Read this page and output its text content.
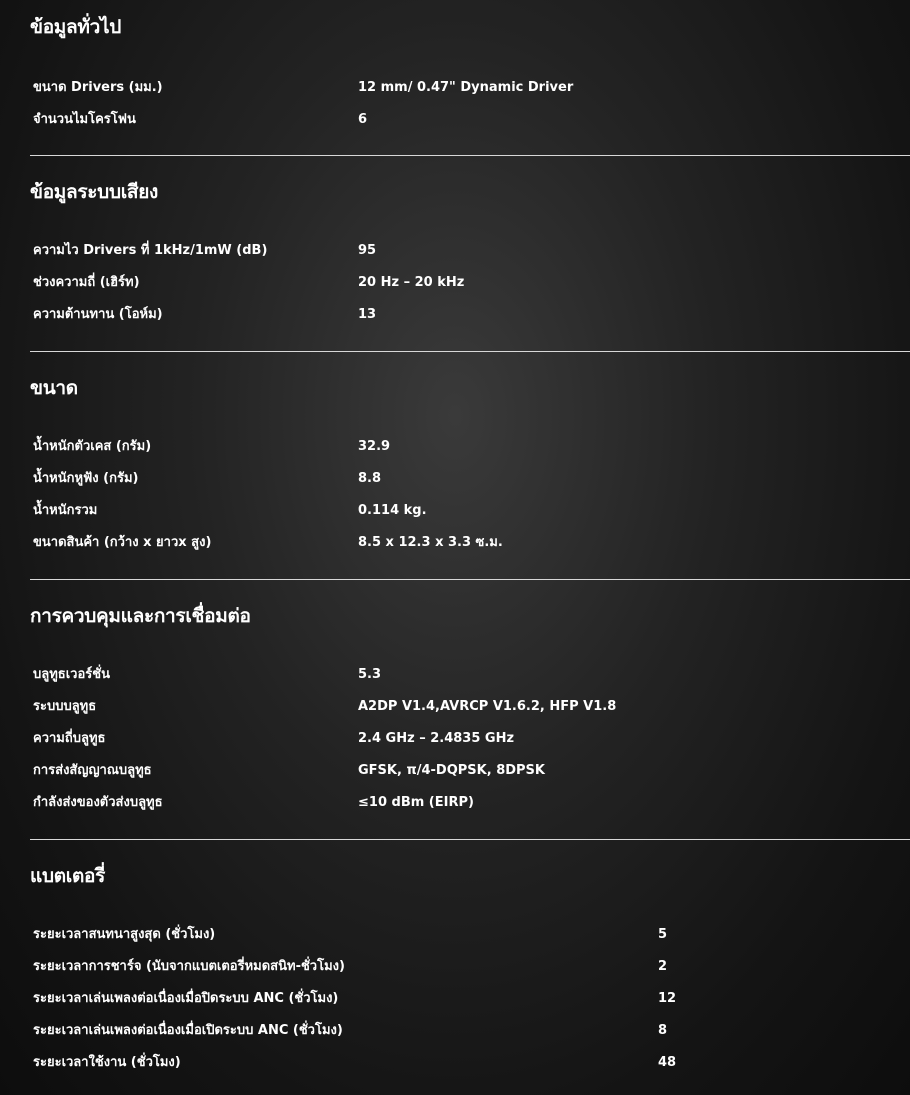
ข้อมูลทั่วไป
ขนาด Drivers (มม.)	12 mm/ 0.47" Dynamic Driver
จำนวนไมโครโฟน	6
ข้อมูลระบบเสียง
ความไว Drivers ที่ 1kHz/1mW (dB)	95
ช่วงความถี่ (เฮิร์ท)	20 Hz – 20 kHz
ความต้านทาน (โอห์ม)	13
ขนาด
น้ำหนักตัวเคส (กรัม)	32.9
น้ำหนักหูฟัง (กรัม)	8.8
น้ำหนักรวม	0.114 kg.
ขนาดสินค้า (กว้าง x ยาวx สูง)	8.5 x 12.3 x 3.3 ซ.ม.
การควบคุมและการเชื่อมต่อ
บลูทูธเวอร์ชั่น	5.3
ระบบบลูทูธ	A2DP V1.4,AVRCP V1.6.2, HFP V1.8
ความถี่บลูทูธ	2.4 GHz – 2.4835 GHz
การส่งสัญญาณบลูทูธ	GFSK, π/4-DQPSK, 8DPSK
กำลังส่งของตัวส่งบลูทูธ	≤10 dBm (EIRP)
แบตเตอรี่
ระยะเวลาสนทนาสูงสุด (ชั่วโมง)	5
ระยะเวลาการชาร์จ (นับจากแบตเตอรี่หมดสนิท-ชั่วโมง)	2
ระยะเวลาเล่นเพลงต่อเนื่องเมื่อปิดระบบ ANC (ชั่วโมง)	12
ระยะเวลาเล่นเพลงต่อเนื่องเมื่อเปิดระบบ ANC (ชั่วโมง)	8
ระยะเวลาใช้งาน (ชั่วโมง)	48
